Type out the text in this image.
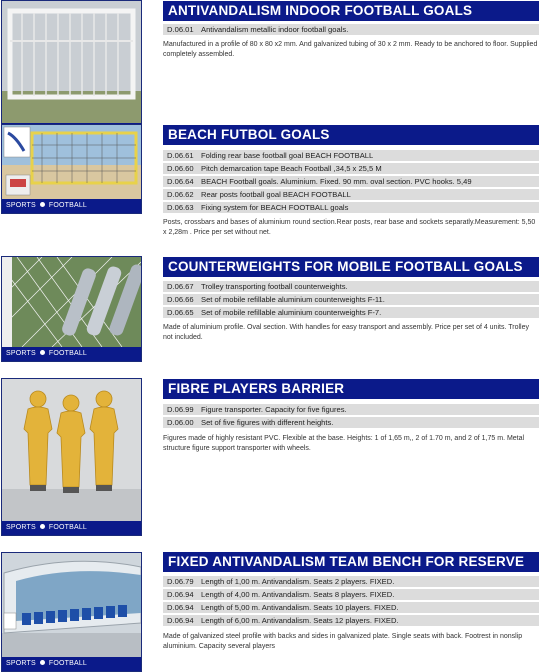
ANTIVANDALISM INDOOR FOOTBALL GOALS
D.06.01 Antivandalism metallic indoor football goals.
Manufactured in a profile of 80 x 80 x2 mm. And galvanized tubing of 30 x 2 mm. Ready to be anchored to floor. Supplied completely assembled.
SPORTS FOOTBALL
BEACH FUTBOL GOALS
D.06.61 Folding rear base football goal BEACH FOOTBALL
D.06.60 Pitch demarcation tape Beach Football ,34,5 x 25,5 M
D.06.64 BEACH Football goals. Aluminium. Fixed. 90 mm. oval section. PVC hooks. 5,49
D.06.62 Rear posts football goal BEACH FOOTBALL
D.06.63 Fixing system for BEACH FOOTBALL goals
Posts, crossbars and bases of aluminium round section.Rear posts, rear base and sockets separatly.Measurement: 5,50 x 2,28m . Price per set without net.
SPORTS FOOTBALL
COUNTERWEIGHTS FOR MOBILE FOOTBALL GOALS
D.06.67 Trolley transporting football counterweights.
D.06.66 Set of mobile refillable aluminium counterweights F-11.
D.06.65 Set of mobile refillable aluminium counterweights F-7.
Made of aluminium profile. Oval section. With handles for easy transport and assembly. Price per set of 4 units. Trolley not included.
SPORTS FOOTBALL
FIBRE PLAYERS BARRIER
D.06.99 Figure transporter. Capacity for five figures.
D.06.00 Set of five figures with different heights.
Figures made of highly resistant PVC. Flexible at the base. Heights: 1 of 1,65 m,, 2 of 1.70 m, and 2 of 1,75 m. Metal structure figure support transporter with wheels.
SPORTS FOOTBALL
FIXED ANTIVANDALISM TEAM BENCH FOR RESERVE
D.06.79 Length of 1,00 m. Antivandalism. Seats 2 players. FIXED.
D.06.94 Length of 4,00 m. Antivandalism. Seats 8 players. FIXED.
D.06.94 Length of 5,00 m. Antivandalism. Seats 10 players. FIXED.
D.06.94 Length of 6,00 m. Antivandalism. Seats 12 players. FIXED.
Made of galvanized steel profile with backs and sides in galvanized plate. Single seats with back. Footrest in nonslip aluminium. Capacity several players
